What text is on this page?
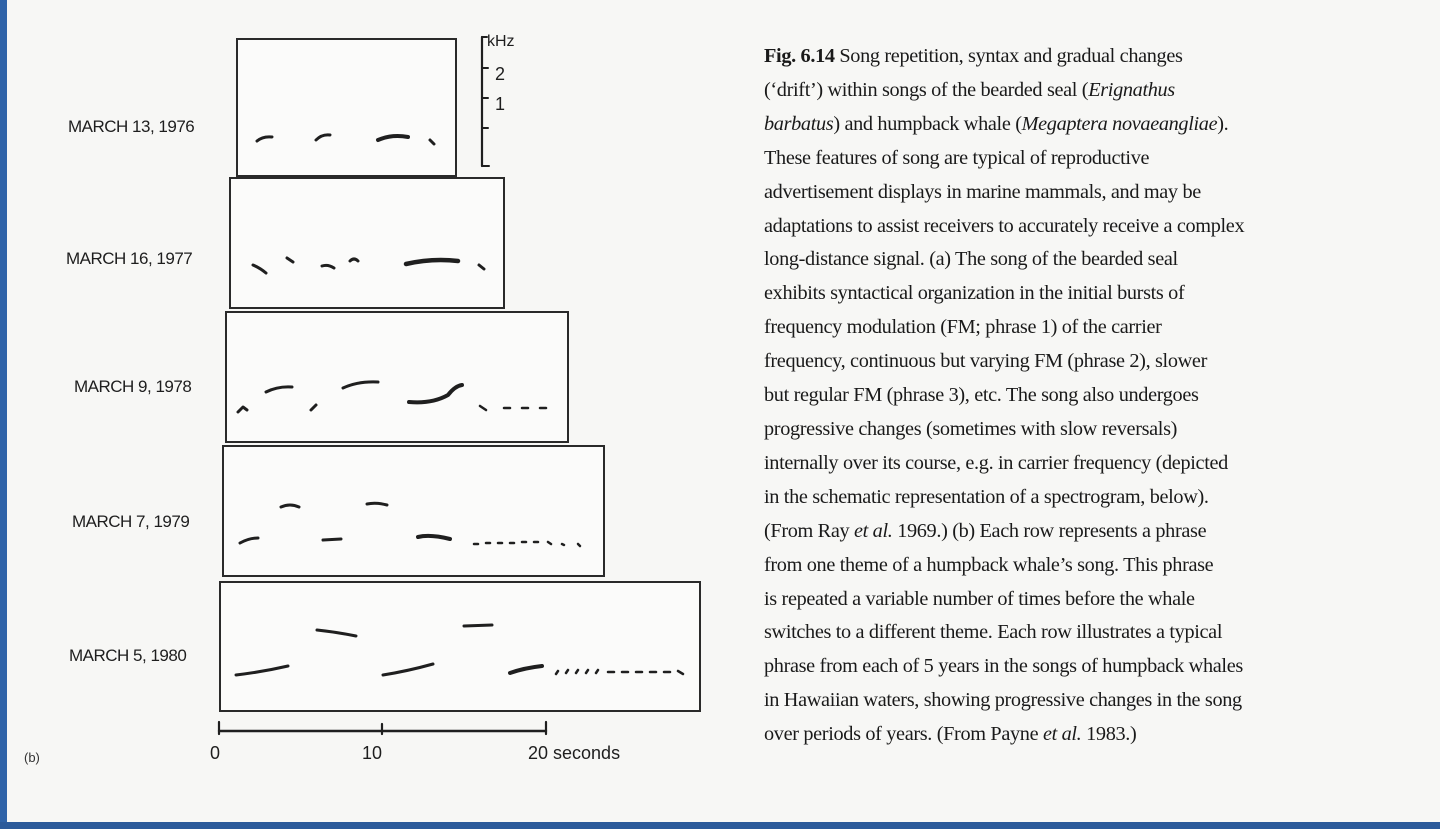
MARCH 13, 1976
MARCH 16, 1977
MARCH 9, 1978
MARCH 7, 1979
MARCH 5, 1980
kHz
2
1
0	10	20 seconds
(b)
Fig. 6.14 Song repetition, syntax and gradual changes
(‘drift’) within songs of the bearded seal (Erignathus
barbatus) and humpback whale (Megaptera novaeangliae).
These features of song are typical of reproductive
advertisement displays in marine mammals, and may be
adaptations to assist receivers to accurately receive a complex
long-distance signal. (a) The song of the bearded seal
exhibits syntactical organization in the initial bursts of
frequency modulation (FM; phrase 1) of the carrier
frequency, continuous but varying FM (phrase 2), slower
but regular FM (phrase 3), etc. The song also undergoes
progressive changes (sometimes with slow reversals)
internally over its course, e.g. in carrier frequency (depicted
in the schematic representation of a spectrogram, below).
(From Ray et al. 1969.) (b) Each row represents a phrase
from one theme of a humpback whale’s song. This phrase
is repeated a variable number of times before the whale
switches to a different theme. Each row illustrates a typical
phrase from each of 5 years in the songs of humpback whales
in Hawaiian waters, showing progressive changes in the song
over periods of years. (From Payne et al. 1983.)
